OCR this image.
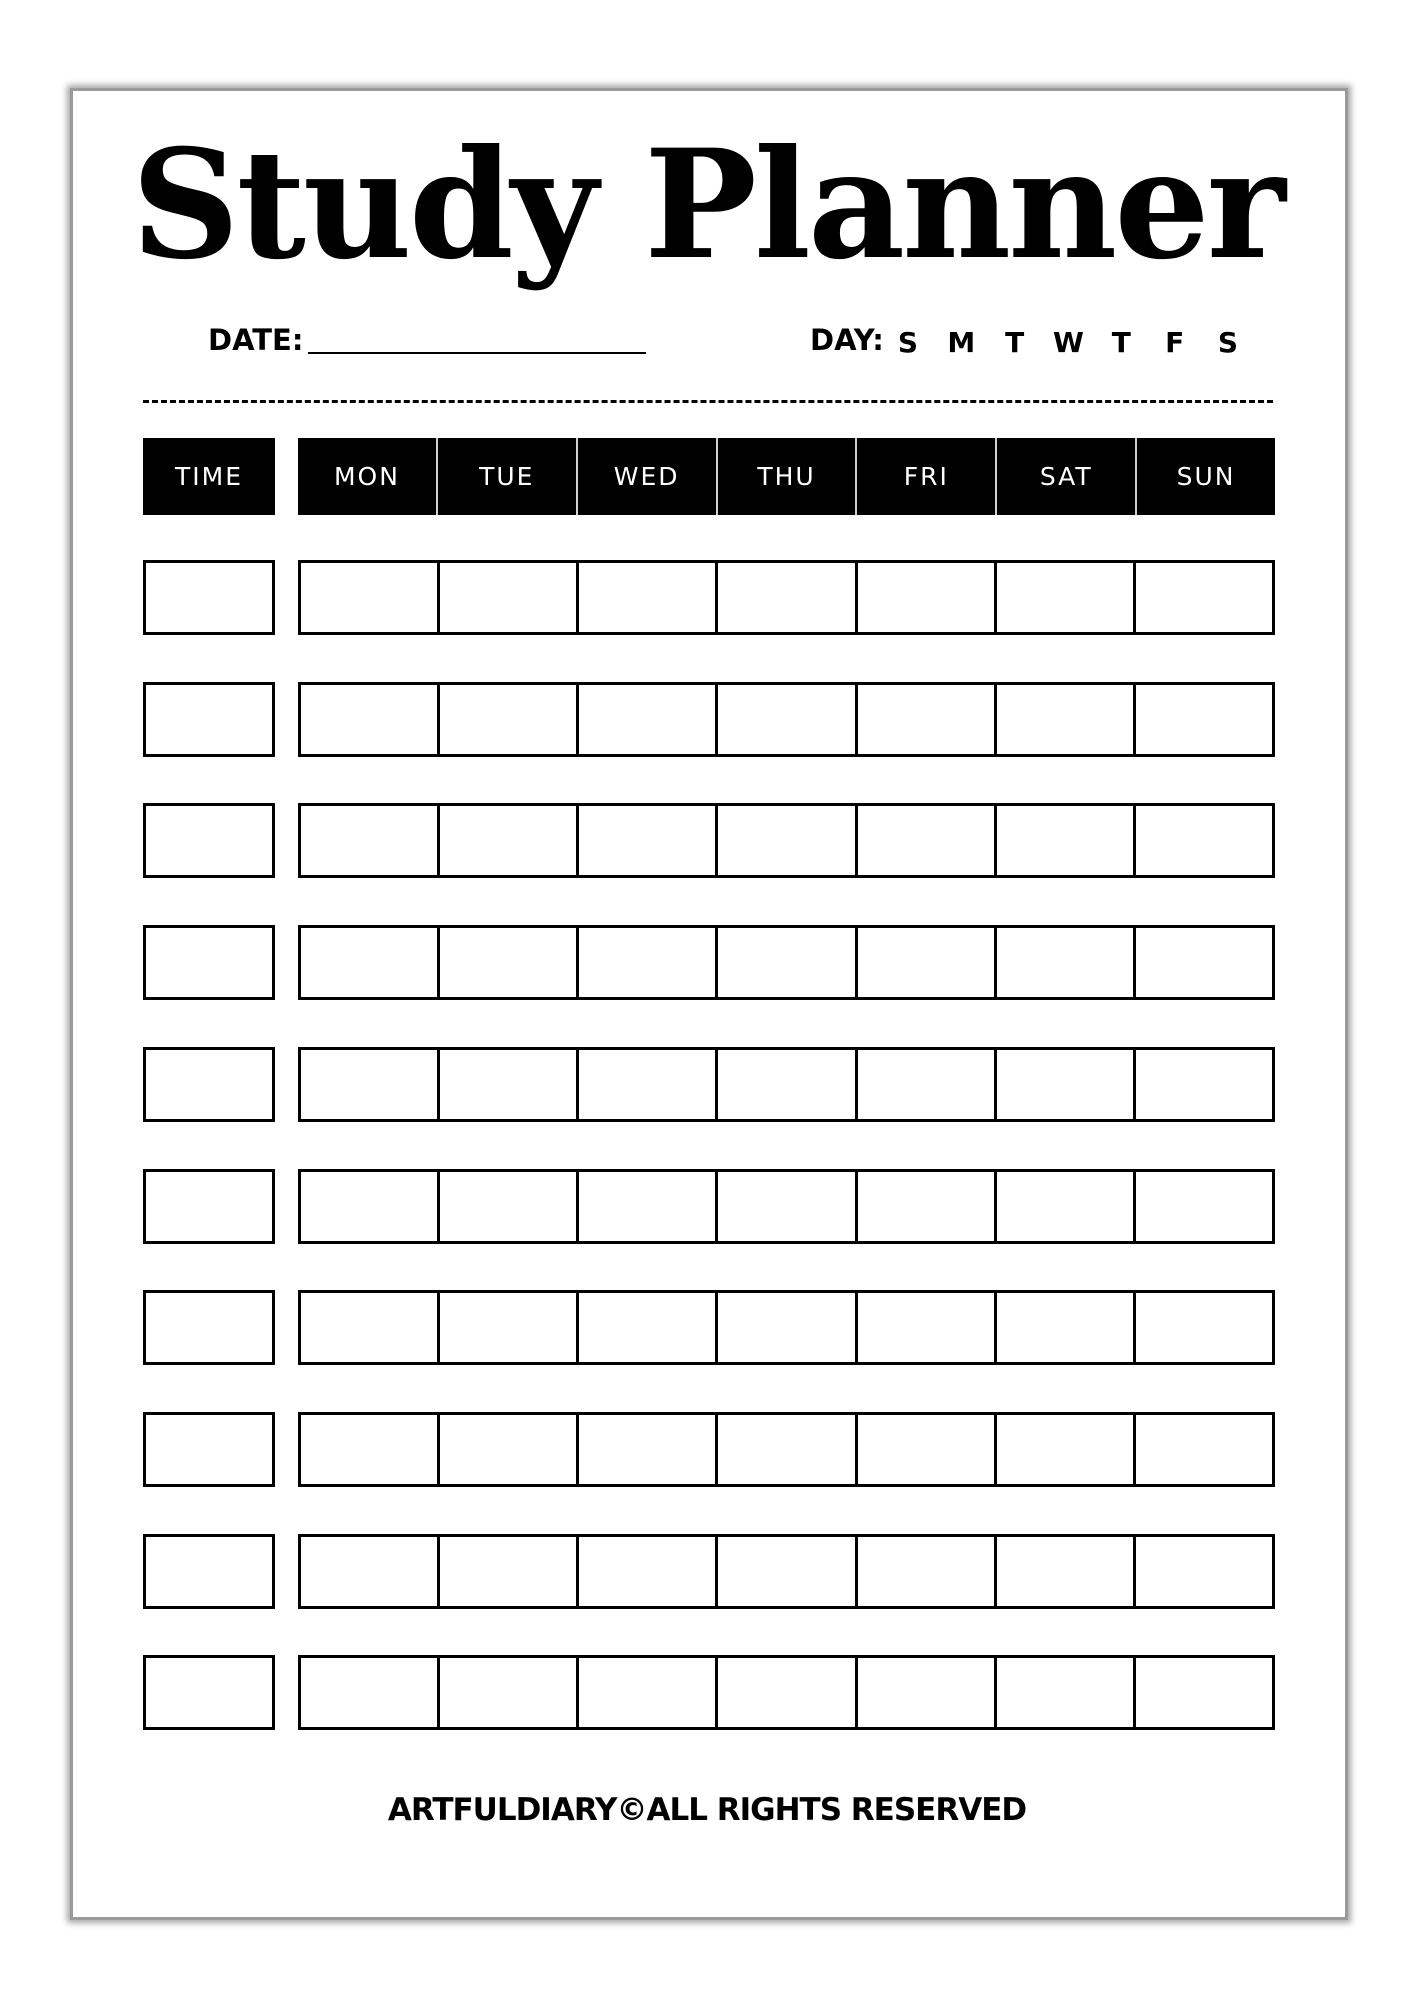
Study Planner
DATE:	DAY: S M T W T F S
TIME	MON	TUE	WED	THU	FRI	SAT	SUN
ARTFULDIARY©ALL RIGHTS RESERVED
